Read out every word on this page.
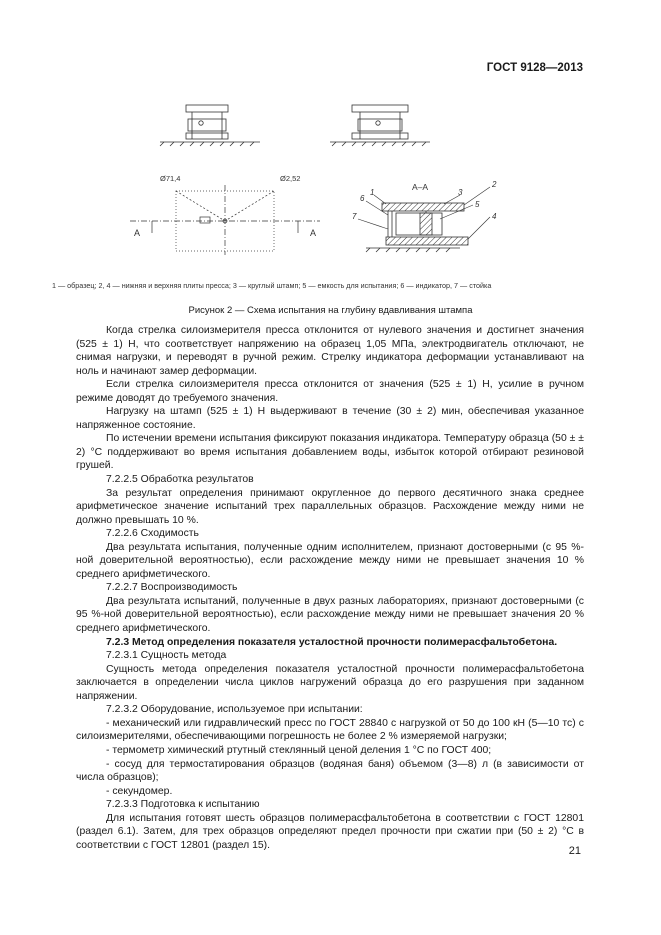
ГОСТ 9128—2013
Ø71,4	Ø2,52
А	А
А–А
1
6
3
2
5
7	4
1 — образец; 2, 4 — нижняя и верхняя плиты пресса; 3 — круглый штамп; 5 — емкость для испытания; 6 — индикатор, 7 — стойка
Рисунок 2 — Схема испытания на глубину вдавливания штампа

Когда стрелка силоизмерителя пресса отклонится от нулевого значения и достигнет значения (525 ± 1) Н, что соответствует напряжению на образец 1,05 МПа, электродвигатель отключают, не снимая нагрузки, и переводят в ручной режим. Стрелку индикатора деформации устанавливают на ноль и начинают замер деформации.

Если стрелка силоизмерителя пресса отклонится от значения (525 ± 1) Н, усилие в ручном режиме доводят до требуемого значения.

Нагрузку на штамп (525 ± 1) Н выдерживают в течение (30 ± 2) мин, обеспечивая указанное напряженное состояние.

По истечении времени испытания фиксируют показания индикатора. Температуру образца (50 ± ± 2) °С поддерживают во время испытания добавлением воды, избыток которой отбирают резиновой грушей.

7.2.2.5 Обработка результатов

За результат определения принимают округленное до первого десятичного знака среднее арифметическое значение испытаний трех параллельных образцов. Расхождение между ними не должно превышать 10 %.

7.2.2.6 Сходимость

Два результата испытания, полученные одним исполнителем, признают достоверными (с 95 %-ной доверительной вероятностью), если расхождение между ними не превышает значения 10 % среднего арифметического.

7.2.2.7 Воспроизводимость

Два результата испытаний, полученные в двух разных лабораториях, признают достоверными (с 95 %-ной доверительной вероятностью), если расхождение между ними не превышает значения 20 % среднего арифметического.

7.2.3 Метод определения показателя усталостной прочности полимерасфальтобетона.

7.2.3.1 Сущность метода

Сущность метода определения показателя усталостной прочности полимерасфальтобетона заключается в определении числа циклов нагружений образца до его разрушения при заданном напряжении.

7.2.3.2 Оборудование, используемое при испытании:

- механический или гидравлический пресс по ГОСТ 28840 с нагрузкой от 50 до 100 кН (5—10 тс) с силоизмерителями, обеспечивающими погрешность не более 2 % измеряемой нагрузки;

- термометр химический ртутный стеклянный ценой деления 1 °С по ГОСТ 400;

- сосуд для термостатирования образцов (водяная баня) объемом (3—8) л (в зависимости от числа образцов);

- секундомер.

7.2.3.3 Подготовка к испытанию

Для испытания готовят шесть образцов полимерасфальтобетона в соответствии с ГОСТ 12801 (раздел 6.1). Затем, для трех образцов определяют предел прочности при сжатии при (50 ± 2) °С в соответствии с ГОСТ 12801 (раздел 15).	21
